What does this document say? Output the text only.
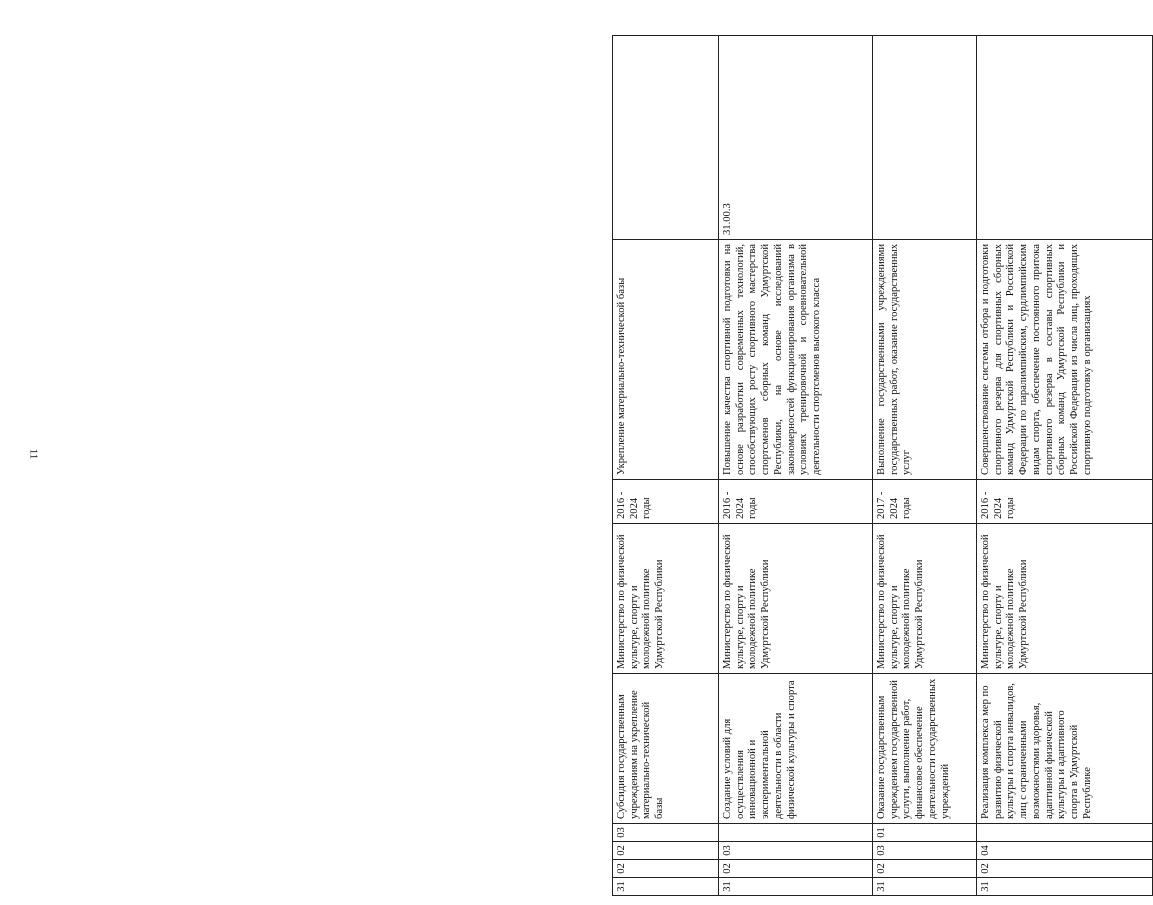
11
31	02	02	03	Субсидия государственным учреждениям на укрепление материально-технической базы	Министерство по физической культуре, спорту и молодежной политике Удмуртской Республики	2016 - 2024 годы	Укрепление материально-технической базы	
31	02	03		Создание условий для осуществления инновационной и экспериментальной деятельности в области физической культуры и спорта	Министерство по физической культуре, спорту и молодежной политике Удмуртской Республики	2016 - 2024 годы	Повышение качества спортивной подготовки на основе разработки современных технологий, способствующих росту спортивного мастерства спортсменов сборных команд Удмуртской Республики, на основе исследований закономерностей функционирования организма в условиях тренировочной и соревновательной деятельности спортсменов высокого класса	31.00.3
31	02	03	01	Оказание государственным учреждением государственной услуги, выполнение работ, финансовое обеспечение деятельности государственных учреждений	Министерство по физической культуре, спорту и молодежной политике Удмуртской Республики	2017 - 2024 годы	Выполнение государственными учреждениями государственных работ, оказание государственных услуг	
31	02	04		Реализация комплекса мер по развитию физической культуры и спорта инвалидов, лиц с ограниченными возможностями здоровья, адаптивной физической культуры и адаптивного спорта в Удмуртской Республике	Министерство по физической культуре, спорту и молодежной политике Удмуртской Республики	2016 - 2024 годы	Совершенствование системы отбора и подготовки спортивного резерва для спортивных сборных команд Удмуртской Республики и Российской Федерации по паралимпийским, сурдлимпийским видам спорта, обеспечение постоянного притока спортивного резерва в составы спортивных сборных команд Удмуртской Республики и Российской Федерации из числа лиц, проходящих спортивную подготовку в организациях	
